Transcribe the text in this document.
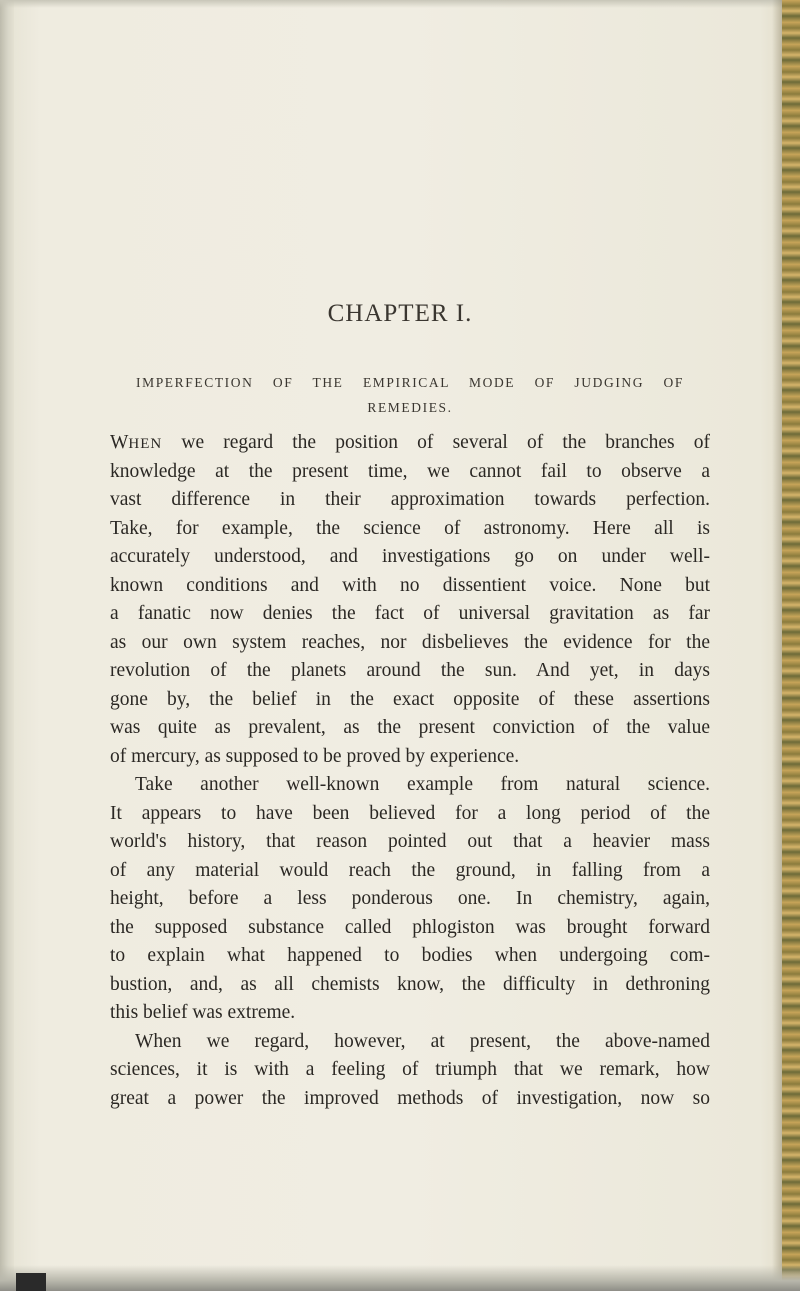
CHAPTER I.
IMPERFECTION OF THE EMPIRICAL MODE OF JUDGING OF
REMEDIES.
WHEN we regard the position of several of the branches of
knowledge at the present time, we cannot fail to observe a
vast difference in their approximation towards perfection.
Take, for example, the science of astronomy. Here all is
accurately understood, and investigations go on under well-
known conditions and with no dissentient voice. None but
a fanatic now denies the fact of universal gravitation as far
as our own system reaches, nor disbelieves the evidence for the
revolution of the planets around the sun. And yet, in days
gone by, the belief in the exact opposite of these assertions
was quite as prevalent, as the present conviction of the value
of mercury, as supposed to be proved by experience.
Take another well-known example from natural science.
It appears to have been believed for a long period of the
world's history, that reason pointed out that a heavier mass
of any material would reach the ground, in falling from a
height, before a less ponderous one. In chemistry, again,
the supposed substance called phlogiston was brought forward
to explain what happened to bodies when undergoing com-
bustion, and, as all chemists know, the difficulty in dethroning
this belief was extreme.
When we regard, however, at present, the above-named
sciences, it is with a feeling of triumph that we remark, how
great a power the improved methods of investigation, now so
